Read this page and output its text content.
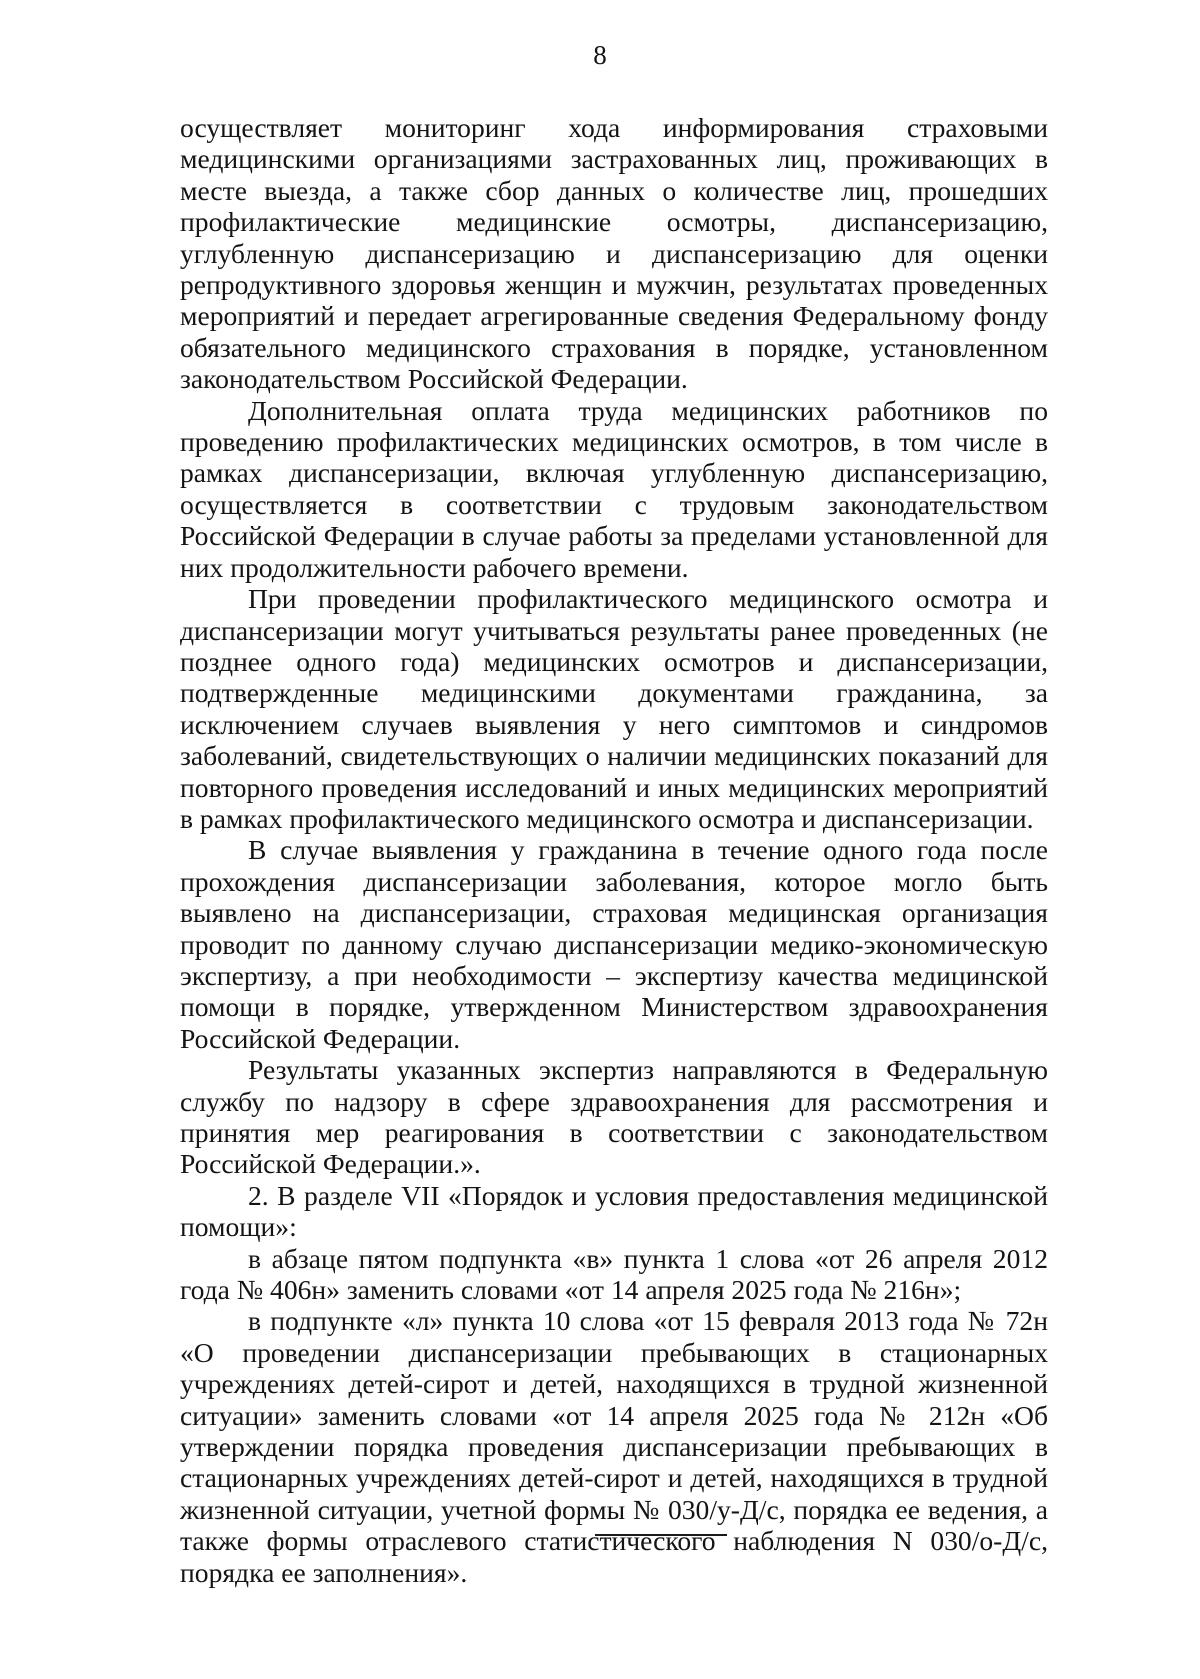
8

осуществляет мониторинг хода информирования страховыми медицинскими организациями застрахованных лиц, проживающих в месте выезда, а также сбор данных о количестве лиц, прошедших профилактические медицинские осмотры, диспансеризацию, углубленную диспансеризацию и диспансеризацию для оценки репродуктивного здоровья женщин и мужчин, результатах проведенных мероприятий и передает агрегированные сведения Федеральному фонду обязательного медицинского страхования в порядке, установленном законодательством Российской Федерации.

Дополнительная оплата труда медицинских работников по проведению профилактических медицинских осмотров, в том числе в рамках диспансеризации, включая углубленную диспансеризацию, осуществляется в соответствии с трудовым законодательством Российской Федерации в случае работы за пределами установленной для них продолжительности рабочего времени.

При проведении профилактического медицинского осмотра и диспансеризации могут учитываться результаты ранее проведенных (не позднее одного года) медицинских осмотров и диспансеризации, подтвержденные медицинскими документами гражданина, за исключением случаев выявления у него симптомов и синдромов заболеваний, свидетельствующих о наличии медицинских показаний для повторного проведения исследований и иных медицинских мероприятий в рамках профилактического медицинского осмотра и диспансеризации.

В случае выявления у гражданина в течение одного года после прохождения диспансеризации заболевания, которое могло быть выявлено на диспансеризации, страховая медицинская организация проводит по данному случаю диспансеризации медико-экономическую экспертизу, а при необходимости – экспертизу качества медицинской помощи в порядке, утвержденном Министерством здравоохранения Российской Федерации.

Результаты указанных экспертиз направляются в Федеральную службу по надзору в сфере здравоохранения для рассмотрения и принятия мер реагирования в соответствии с законодательством Российской Федерации.».

2. В разделе VII «Порядок и условия предоставления медицинской помощи»:

в абзаце пятом подпункта «в» пункта 1 слова «от 26 апреля 2012 года № 406н» заменить словами «от 14 апреля 2025 года № 216н»;

в подпункте «л» пункта 10 слова «от 15 февраля 2013 года № 72н «О проведении диспансеризации пребывающих в стационарных учреждениях детей-сирот и детей, находящихся в трудной жизненной ситуации» заменить словами «от 14 апреля 2025 года № 212н «Об утверждении порядка проведения диспансеризации пребывающих в стационарных учреждениях детей-сирот и детей, находящихся в трудной жизненной ситуации, учетной формы № 030/у-Д/с, порядка ее ведения, а также формы отраслевого статистического наблюдения N 030/о-Д/с, порядка ее заполнения».
